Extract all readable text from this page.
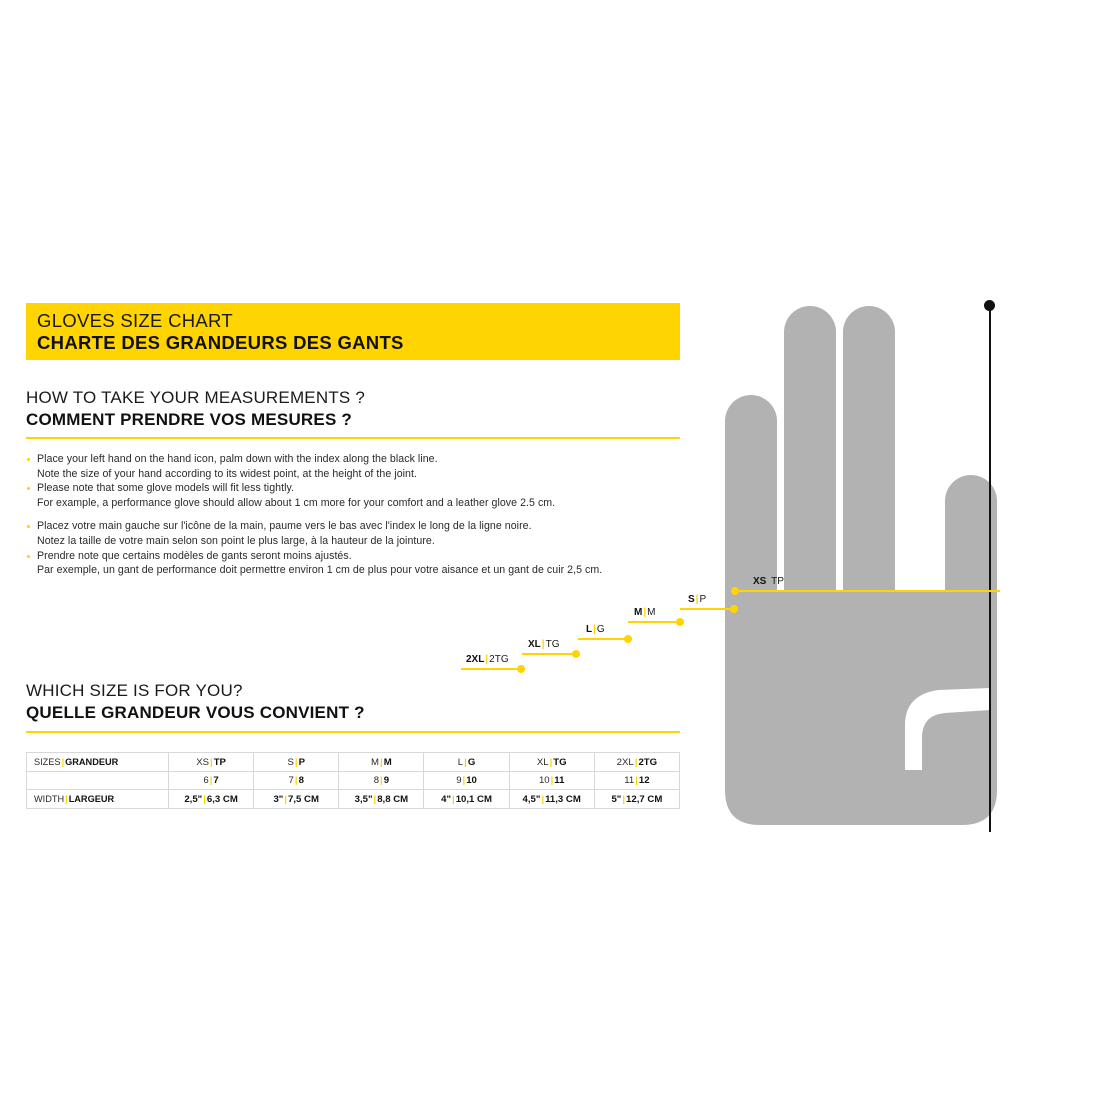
GLOVES SIZE CHART
CHARTE DES GRANDEURS DES GANTS
HOW TO TAKE YOUR MEASUREMENTS ?
COMMENT PRENDRE VOS MESURES ?
Place your left hand on the hand icon, palm down with the index along the black line.
Note the size of your hand according to its widest point, at the height of the joint.
Please note that some glove models will fit less tightly.
For example, a performance glove should allow about 1 cm more for your comfort and a leather glove 2.5 cm.
Placez votre main gauche sur l'icône de la main, paume vers le bas avec l'index le long de la ligne noire.
Notez la taille de votre main selon son point le plus large, à la hauteur de la jointure.
Prendre note que certains modèles de gants seront moins ajustés.
Par exemple, un gant de performance doit permettre environ 1 cm de plus pour votre aisance et un gant de cuir 2,5 cm.
WHICH SIZE IS FOR YOU?
QUELLE GRANDEUR VOUS CONVIENT ?
SIZES|GRANDEUR	XS|TP	S|P	M|M	L|G	XL|TG	2XL|2TG
	6|7	7|8	8|9	9|10	10|11	11|12
WIDTH|LARGEUR	2,5"|6,3 CM	3"|7,5 CM	3,5"|8,8 CM	4"|10,1 CM	4,5"|11,3 CM	5"|12,7 CM
XS TP
S|P
M|M
L|G
XL|TG
2XL|2TG
